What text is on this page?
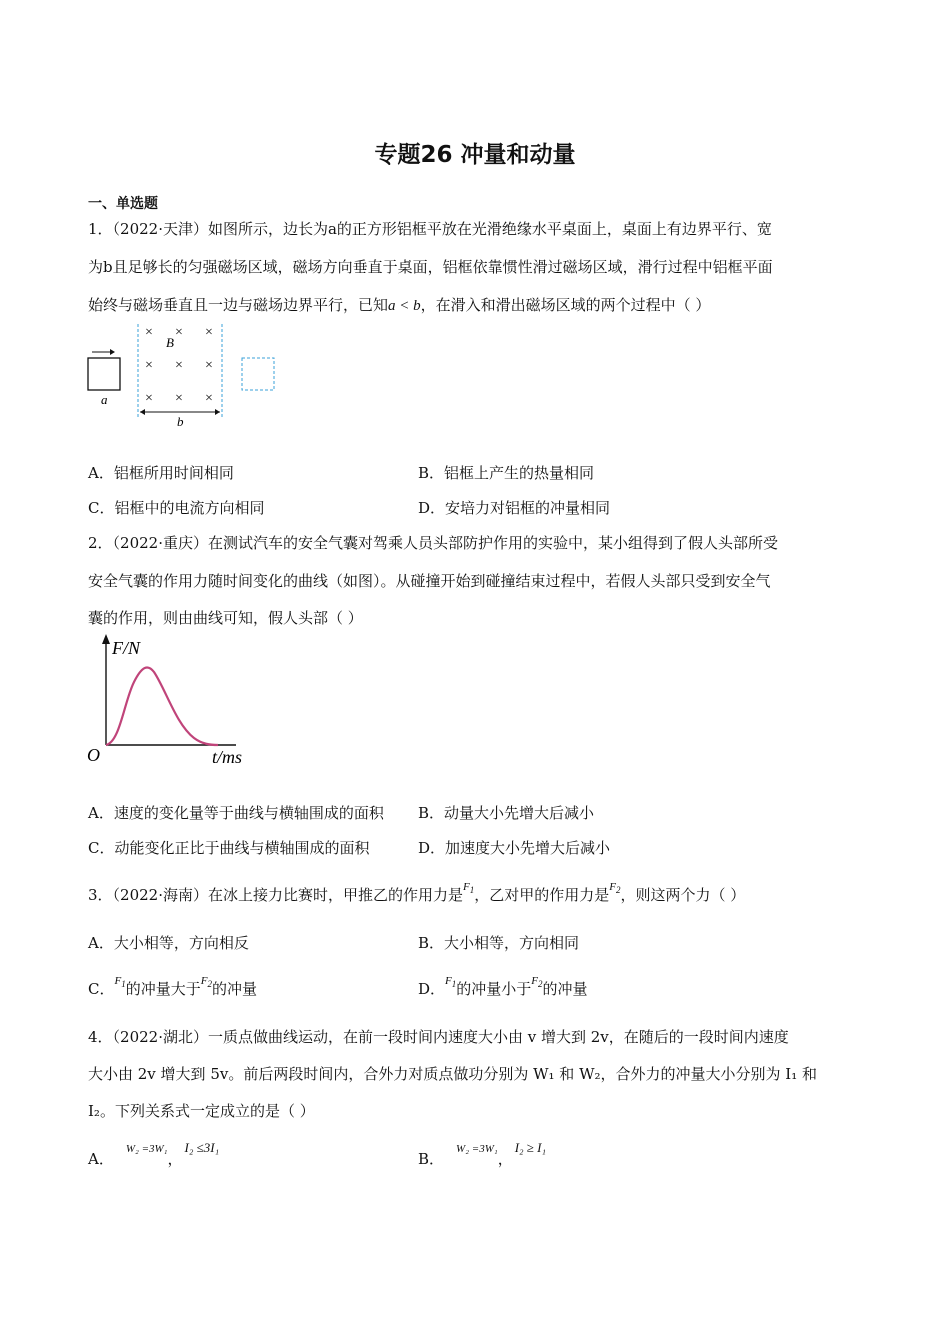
专题26 冲量和动量
一、单选题
1．（2022·天津）如图所示，边长为a的正方形铝框平放在光滑绝缘水平桌面上，桌面上有边界平行、宽
为b且足够长的匀强磁场区域，磁场方向垂直于桌面，铝框依靠惯性滑过磁场区域，滑行过程中铝框平面
始终与磁场垂直且一边与磁场边界平行，已知a < b，在滑入和滑出磁场区域的两个过程中（ ）
a
× × ×
× × ×
× × ×
B
b
A．铝框所用时间相同	B．铝框上产生的热量相同
C．铝框中的电流方向相同	D．安培力对铝框的冲量相同
2．（2022·重庆）在测试汽车的安全气囊对驾乘人员头部防护作用的实验中，某小组得到了假人头部所受
安全气囊的作用力随时间变化的曲线（如图）。从碰撞开始到碰撞结束过程中，若假人头部只受到安全气
囊的作用，则由曲线可知，假人头部（ ）
F/N
t/ms
O
A．速度的变化量等于曲线与横轴围成的面积 B．动量大小先增大后减小
C．动能变化正比于曲线与横轴围成的面积	D．加速度大小先增大后减小
3．（2022·海南）在冰上接力比赛时，甲推乙的作用力是$^{F_1}$，乙对甲的作用力是$^{F_2}$，则这两个力（ ）
A．大小相等，方向相反	B．大小相等，方向相同
C．$^{F_1}$的冲量大于$^{F_2}$的冲量	D．$^{F_1}$的冲量小于$^{F_2}$的冲量
4．（2022·湖北）一质点做曲线运动，在前一段时间内速度大小由 v 增大到 2v，在随后的一段时间内速度
大小由 2v 增大到 5v。前后两段时间内，合外力对质点做功分别为 W₁ 和 W₂，合外力的冲量大小分别为 I₁ 和
I₂。下列关系式一定成立的是（ ）
A．$^{W_2 =3W_1}$，I₂ ≤3I₁
B．$^{W_2 =3W_1}$，I₂ ≥ I₁
